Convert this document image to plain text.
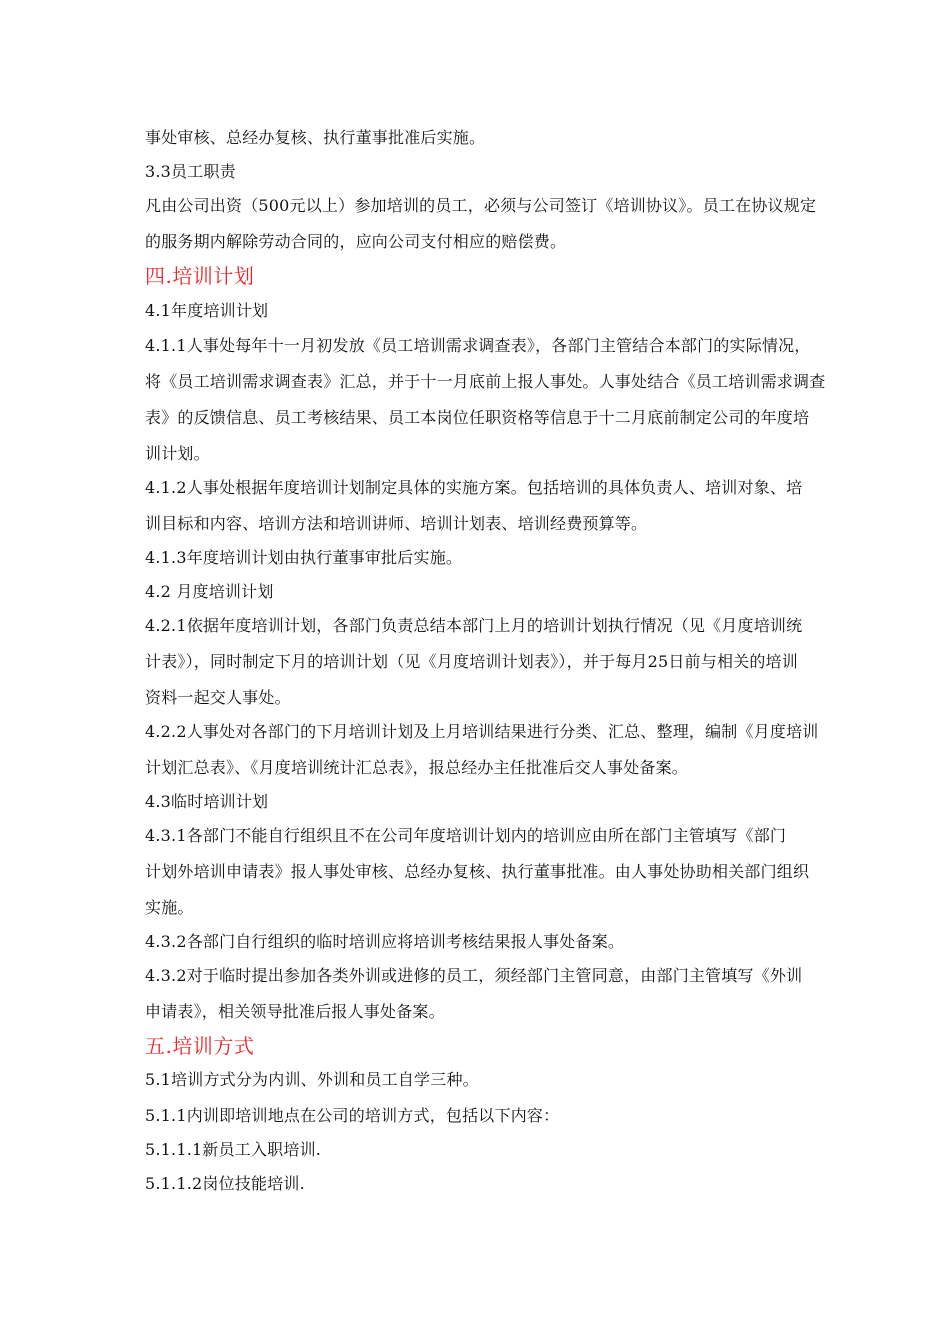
事处审核、总经办复核、执行董事批准后实施。
3.3员工职责
凡由公司出资（500元以上）参加培训的员工，必须与公司签订《培训协议》。员工在协议规定
的服务期内解除劳动合同的，应向公司支付相应的赔偿费。
四.培训计划
4.1年度培训计划
4.1.1人事处每年十一月初发放《员工培训需求调查表》，各部门主管结合本部门的实际情况，
将《员工培训需求调查表》汇总，并于十一月底前上报人事处。人事处结合《员工培训需求调查
表》的反馈信息、员工考核结果、员工本岗位任职资格等信息于十二月底前制定公司的年度培
训计划。
4.1.2人事处根据年度培训计划制定具体的实施方案。包括培训的具体负责人、培训对象、培
训目标和内容、培训方法和培训讲师、培训计划表、培训经费预算等。
4.1.3年度培训计划由执行董事审批后实施。
4.2 月度培训计划
4.2.1依据年度培训计划，各部门负责总结本部门上月的培训计划执行情况（见《月度培训统
计表》），同时制定下月的培训计划（见《月度培训计划表》），并于每月25日前与相关的培训
资料一起交人事处。
4.2.2人事处对各部门的下月培训计划及上月培训结果进行分类、汇总、整理，编制《月度培训
计划汇总表》、《月度培训统计汇总表》，报总经办主任批准后交人事处备案。
4.3临时培训计划
4.3.1各部门不能自行组织且不在公司年度培训计划内的培训应由所在部门主管填写《部门
计划外培训申请表》报人事处审核、总经办复核、执行董事批准。由人事处协助相关部门组织
实施。
4.3.2各部门自行组织的临时培训应将培训考核结果报人事处备案。
4.3.2对于临时提出参加各类外训或进修的员工，须经部门主管同意，由部门主管填写《外训
申请表》，相关领导批准后报人事处备案。
五.培训方式
5.1培训方式分为内训、外训和员工自学三种。
5.1.1内训即培训地点在公司的培训方式，包括以下内容：
5.1.1.1新员工入职培训.
5.1.1.2岗位技能培训.
